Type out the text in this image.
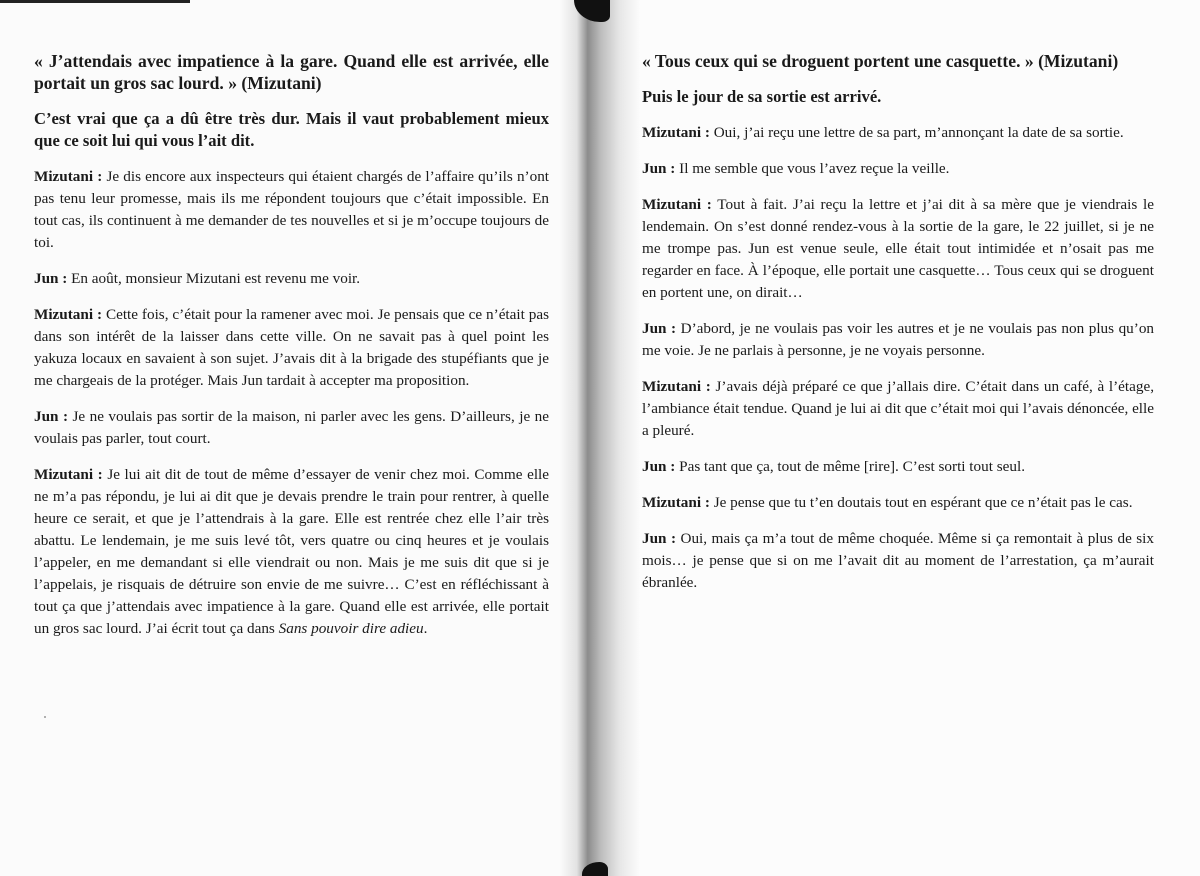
« J’attendais avec impatience à la gare. Quand elle est arrivée, elle portait un gros sac lourd. » (Mizutani)

C’est vrai que ça a dû être très dur. Mais il vaut probablement mieux que ce soit lui qui vous l’ait dit.

Mizutani : Je dis encore aux inspecteurs qui étaient chargés de l’affaire qu’ils n’ont pas tenu leur promesse, mais ils me répondent toujours que c’était impossible. En tout cas, ils continuent à me demander de tes nouvelles et si je m’occupe toujours de toi.

Jun : En août, monsieur Mizutani est revenu me voir.

Mizutani : Cette fois, c’était pour la ramener avec moi. Je pensais que ce n’était pas dans son intérêt de la laisser dans cette ville. On ne savait pas à quel point les yakuza locaux en savaient à son sujet. J’avais dit à la brigade des stupéfiants que je me chargeais de la protéger. Mais Jun tardait à accepter ma proposition.

Jun : Je ne voulais pas sortir de la maison, ni parler avec les gens. D’ailleurs, je ne voulais pas parler, tout court.

Mizutani : Je lui ait dit de tout de même d’essayer de venir chez moi. Comme elle ne m’a pas répondu, je lui ai dit que je devais prendre le train pour rentrer, à quelle heure ce serait, et que je l’attendrais à la gare. Elle est rentrée chez elle l’air très abattu. Le lendemain, je me suis levé tôt, vers quatre ou cinq heures et je voulais l’appeler, en me demandant si elle viendrait ou non. Mais je me suis dit que si je l’appelais, je risquais de détruire son envie de me suivre… C’est en réfléchissant à tout ça que j’attendais avec impatience à la gare. Quand elle est arrivée, elle portait un gros sac lourd. J’ai écrit tout ça dans Sans pouvoir dire adieu.

« Tous ceux qui se droguent portent une casquette. » (Mizutani)

Puis le jour de sa sortie est arrivé.

Mizutani : Oui, j’ai reçu une lettre de sa part, m’annonçant la date de sa sortie.

Jun : Il me semble que vous l’avez reçue la veille.

Mizutani : Tout à fait. J’ai reçu la lettre et j’ai dit à sa mère que je viendrais le lendemain. On s’est donné rendez-vous à la sortie de la gare, le 22 juillet, si je ne me trompe pas. Jun est venue seule, elle était tout intimidée et n’osait pas me regarder en face. À l’époque, elle portait une casquette… Tous ceux qui se droguent en portent une, on dirait…

Jun : D’abord, je ne voulais pas voir les autres et je ne voulais pas non plus qu’on me voie. Je ne parlais à personne, je ne voyais personne.

Mizutani : J’avais déjà préparé ce que j’allais dire. C’était dans un café, à l’étage, l’ambiance était tendue. Quand je lui ai dit que c’était moi qui l’avais dénoncée, elle a pleuré.

Jun : Pas tant que ça, tout de même [rire]. C’est sorti tout seul.

Mizutani : Je pense que tu t’en doutais tout en espérant que ce n’était pas le cas.

Jun : Oui, mais ça m’a tout de même choquée. Même si ça remontait à plus de six mois… je pense que si on me l’avait dit au moment de l’arrestation, ça m’aurait ébranlée.
